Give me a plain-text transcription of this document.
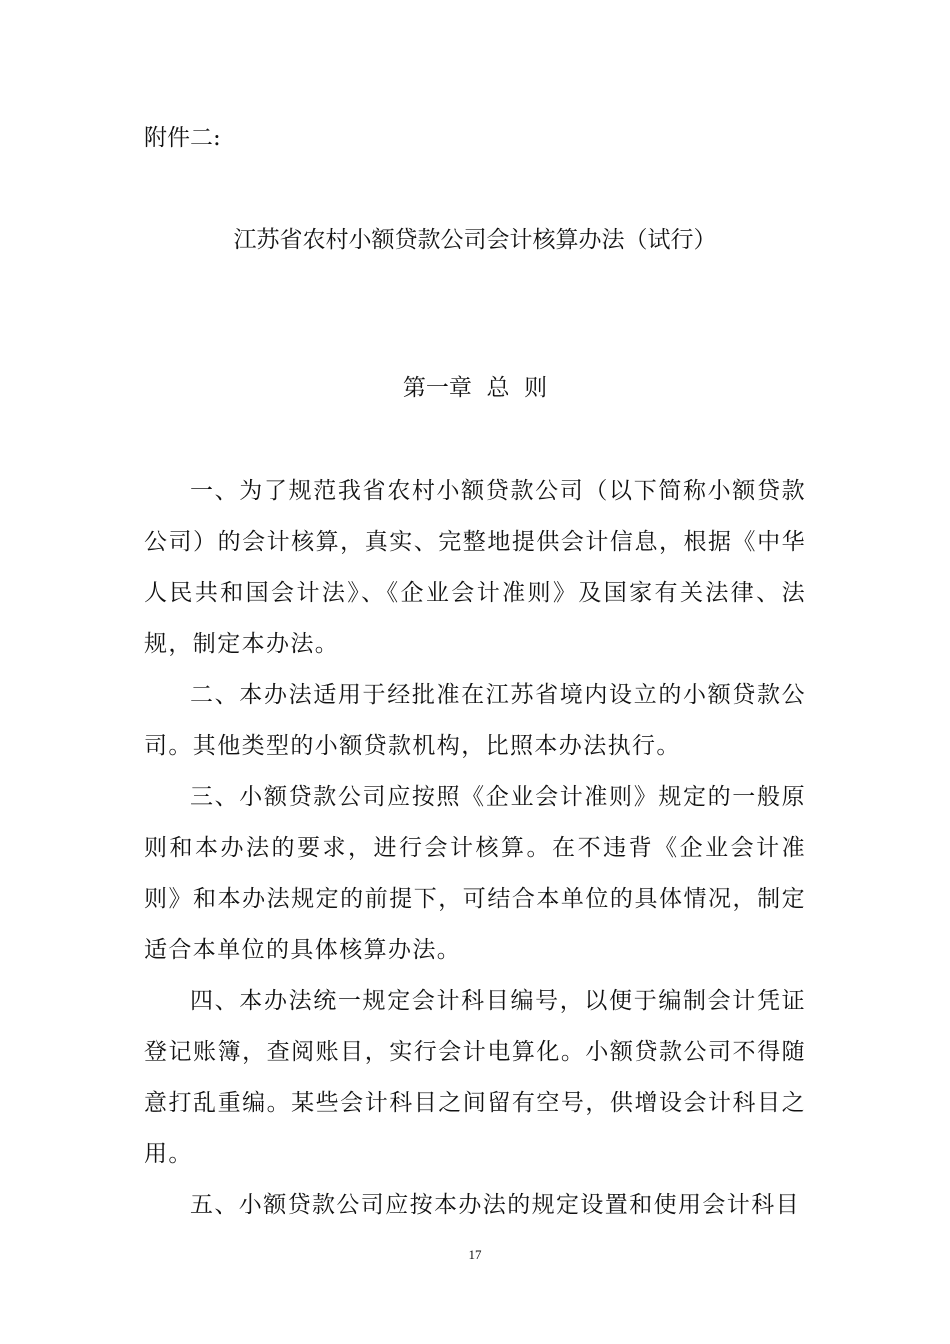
附件二:
江苏省农村小额贷款公司会计核算办法（试行）
第一章  总  则

一、为了规范我省农村小额贷款公司（以下简称小额贷款公司）的会计核算，真实、完整地提供会计信息，根据《中华人民共和国会计法》、《企业会计准则》及国家有关法律、法规，制定本办法。

二、本办法适用于经批准在江苏省境内设立的小额贷款公司。其他类型的小额贷款机构，比照本办法执行。

三、小额贷款公司应按照《企业会计准则》规定的一般原则和本办法的要求，进行会计核算。在不违背《企业会计准则》和本办法规定的前提下，可结合本单位的具体情况，制定适合本单位的具体核算办法。

四、本办法统一规定会计科目编号，以便于编制会计凭证登记账簿，查阅账目，实行会计电算化。小额贷款公司不得随意打乱重编。某些会计科目之间留有空号，供增设会计科目之用。

五、小额贷款公司应按本办法的规定设置和使用会计科目

17
